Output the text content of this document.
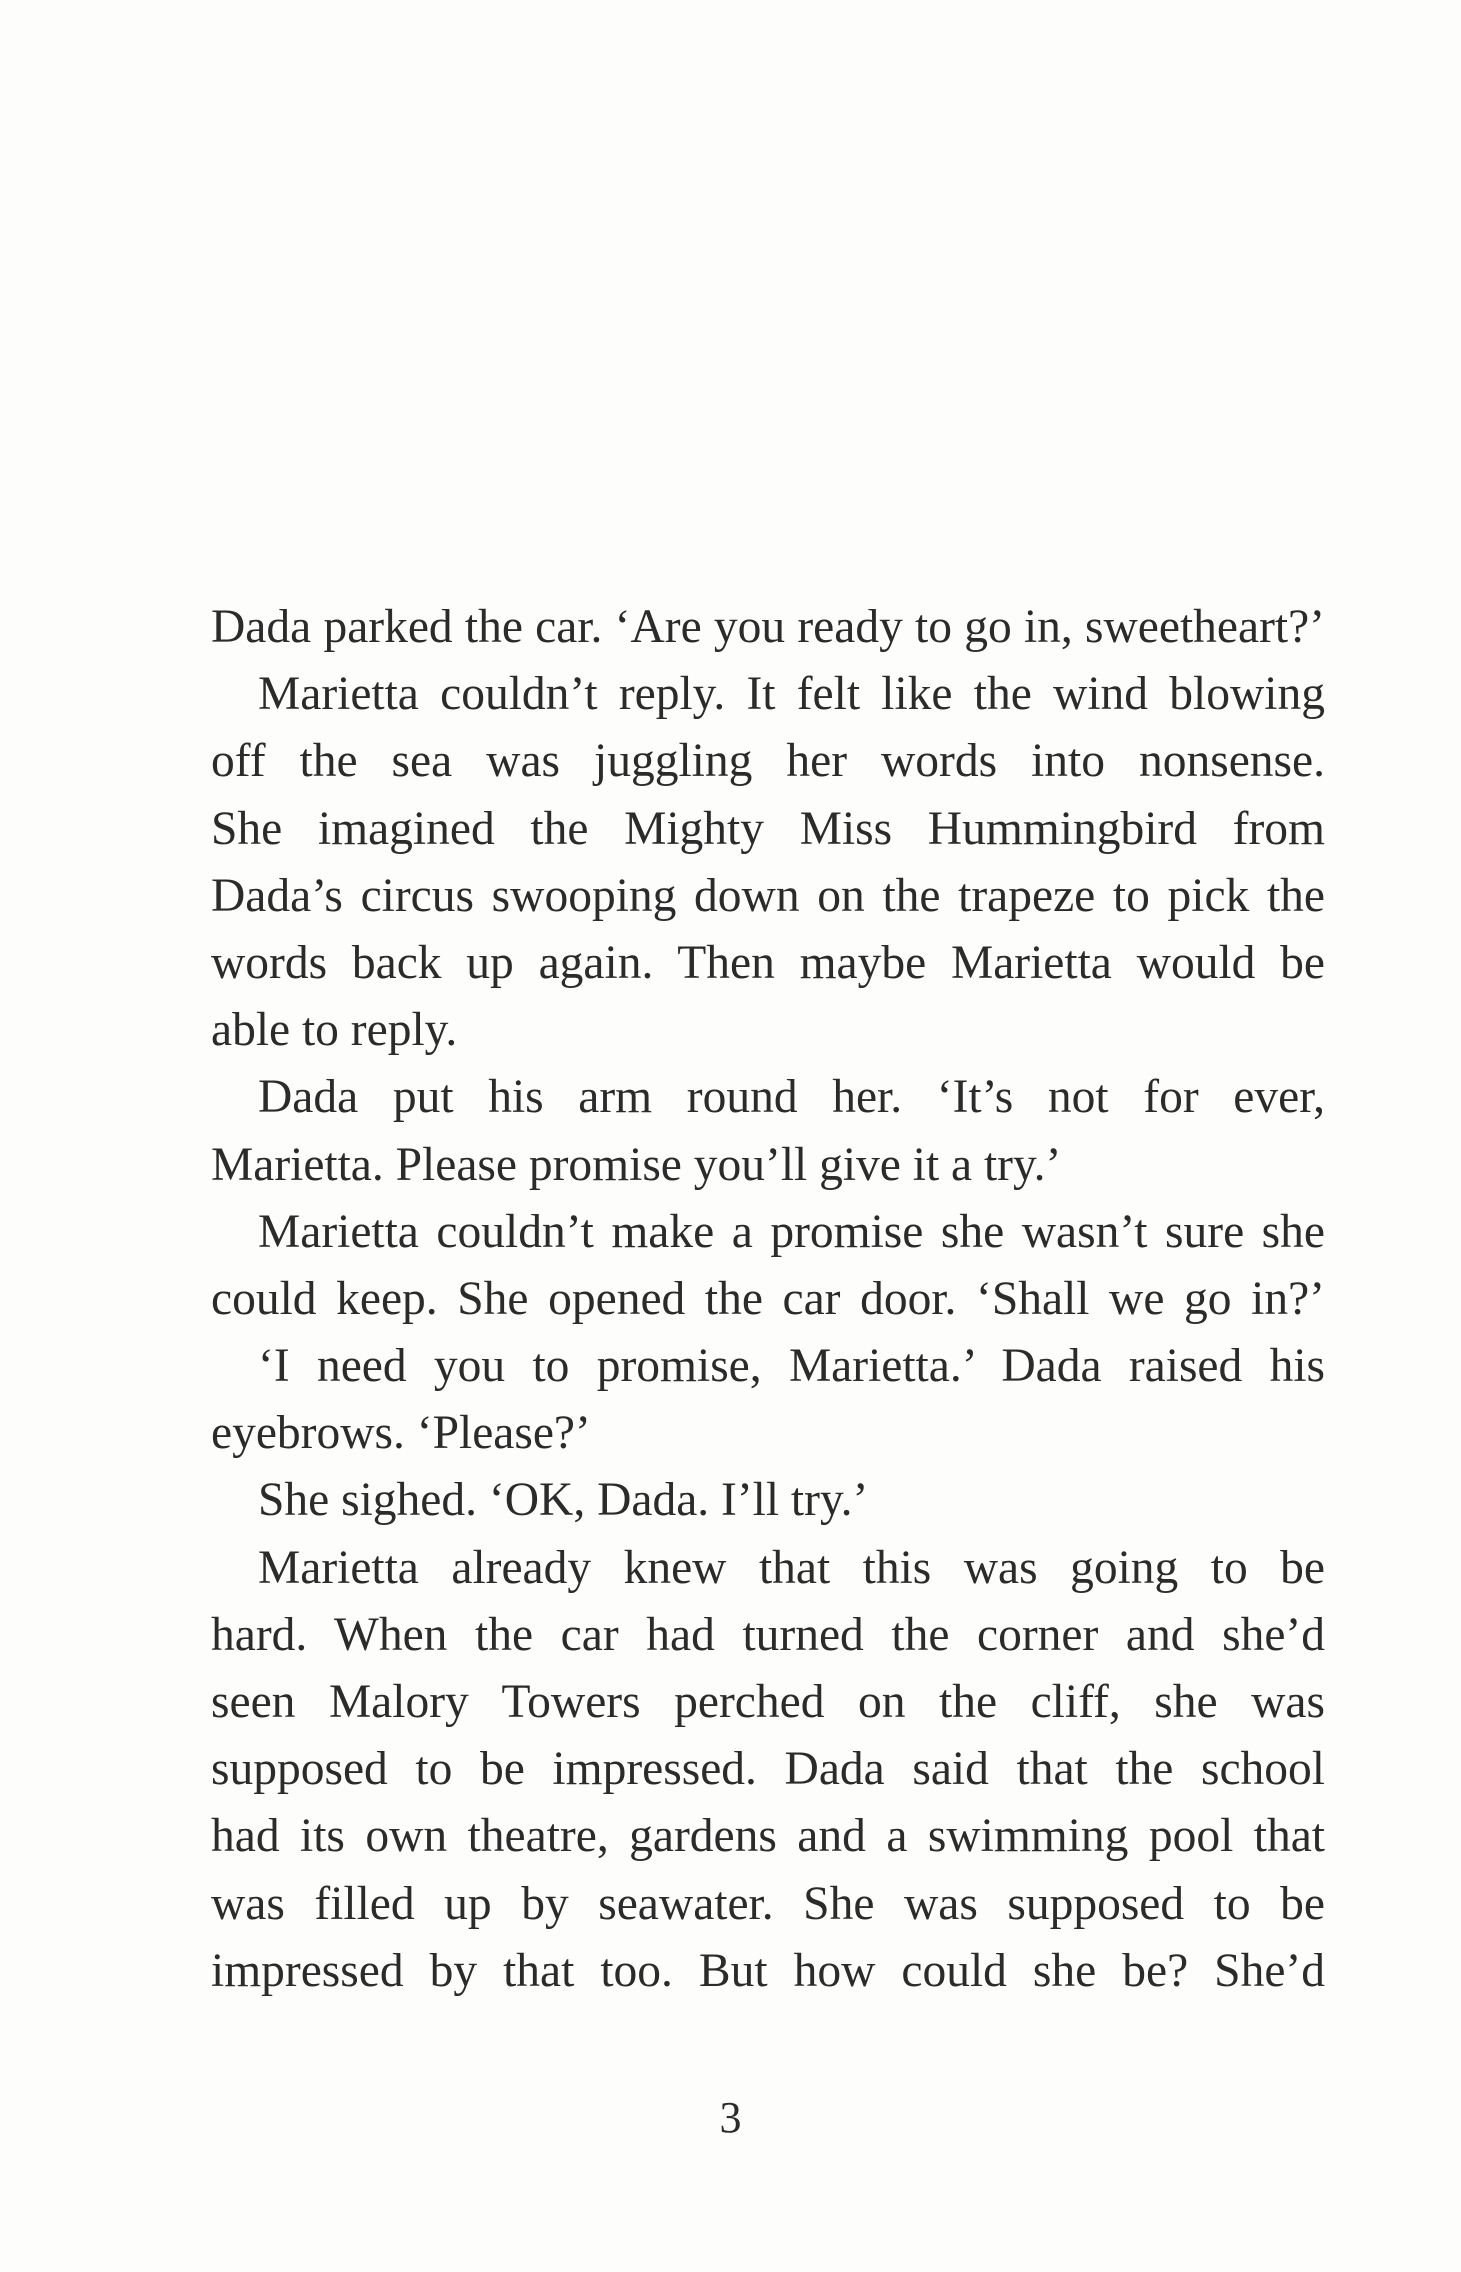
Dada parked the car. ‘Are you ready to go in, sweetheart?’
Marietta couldn’t reply. It felt like the wind blowing
off the sea was juggling her words into nonsense.
She imagined the Mighty Miss Hummingbird from
Dada’s circus swooping down on the trapeze to pick the
words back up again. Then maybe Marietta would be
able to reply.
Dada put his arm round her. ‘It’s not for ever,
Marietta. Please promise you’ll give it a try.’
Marietta couldn’t make a promise she wasn’t sure she
could keep. She opened the car door. ‘Shall we go in?’
‘I need you to promise, Marietta.’ Dada raised his
eyebrows. ‘Please?’
She sighed. ‘OK, Dada. I’ll try.’
Marietta already knew that this was going to be
hard. When the car had turned the corner and she’d
seen Malory Towers perched on the cliff, she was
supposed to be impressed. Dada said that the school
had its own theatre, gardens and a swimming pool that
was filled up by seawater. She was supposed to be
impressed by that too. But how could she be? She’d
3
